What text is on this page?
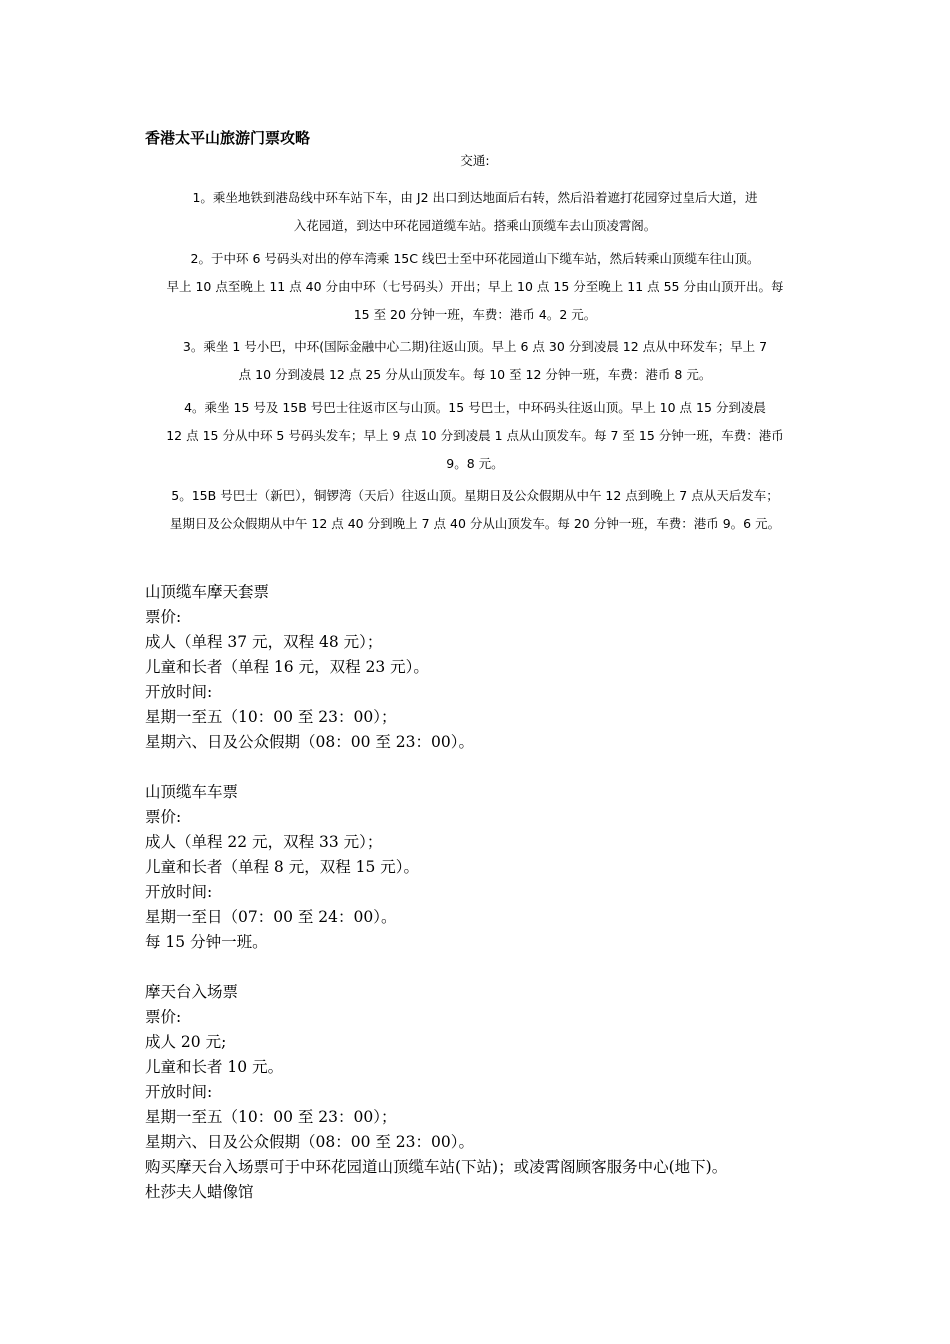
香港太平山旅游门票攻略
交通:
1。乘坐地铁到港岛线中环车站下车，由 J2 出口到达地面后右转，然后沿着遮打花园穿过皇后大道，进
入花园道，到达中环花园道缆车站。搭乘山顶缆车去山顶凌霄阁。
2。于中环 6 号码头对出的停车湾乘 15C 线巴士至中环花园道山下缆车站，然后转乘山顶缆车往山顶。
早上 10 点至晚上 11 点 40 分由中环（七号码头）开出；早上 10 点 15 分至晚上 11 点 55 分由山顶开出。每
15 至 20 分钟一班，车费：港币 4。2 元。
3。乘坐 1 号小巴，中环(国际金融中心二期)往返山顶。早上 6 点 30 分到凌晨 12 点从中环发车；早上 7
点 10 分到凌晨 12 点 25 分从山顶发车。每 10 至 12 分钟一班，车费：港币 8 元。
4。乘坐 15 号及 15B 号巴士往返市区与山顶。15 号巴士，中环码头往返山顶。早上 10 点 15 分到凌晨
12 点 15 分从中环 5 号码头发车；早上 9 点 10 分到凌晨 1 点从山顶发车。每 7 至 15 分钟一班，车费：港币
9。8 元。
5。15B 号巴士（新巴），铜锣湾（天后）往返山顶。星期日及公众假期从中午 12 点到晚上 7 点从天后发车；
星期日及公众假期从中午 12 点 40 分到晚上 7 点 40 分从山顶发车。每 20 分钟一班，车费：港币 9。6 元。
山顶缆车摩天套票
票价:
成人（单程 37 元，双程 48 元）；
儿童和长者（单程 16 元，双程 23 元）。
开放时间:
星期一至五（10：00 至 23：00）；
星期六、日及公众假期（08：00 至 23：00）。
山顶缆车车票
票价:
成人（单程 22 元，双程 33 元）；
儿童和长者（单程 8 元，双程 15 元）。
开放时间:
星期一至日（07：00 至 24：00）。
每 15 分钟一班。
摩天台入场票
票价:
成人 20 元;
儿童和长者 10 元。
开放时间:
星期一至五（10：00 至 23：00）；
星期六、日及公众假期（08：00 至 23：00）。
购买摩天台入场票可于中环花园道山顶缆车站(下站)；或凌霄阁顾客服务中心(地下)。
杜莎夫人蜡像馆
